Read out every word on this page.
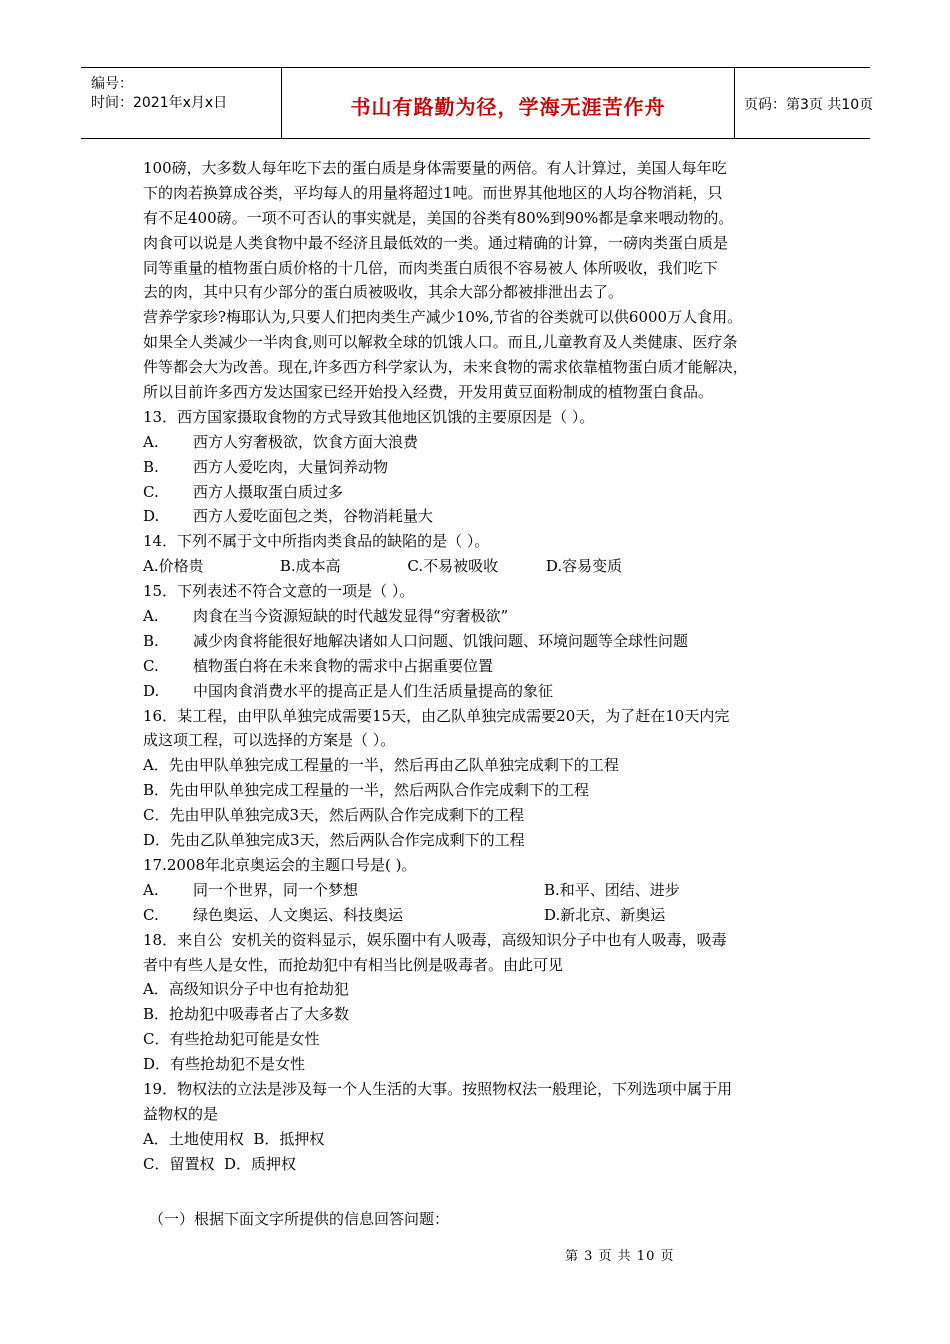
编号：
时间：2021年x月x日	书山有路勤为径，学海无涯苦作舟	页码：第3页 共10页
100磅，大多数人每年吃下去的蛋白质是身体需要量的两倍。有人计算过，美国人每年吃
下的肉若换算成谷类，平均每人的用量将超过1吨。而世界其他地区的人均谷物消耗，只
有不足400磅。一项不可否认的事实就是，美国的谷类有80%到90%都是拿来喂动物的。
肉食可以说是人类食物中最不经济且最低效的一类。通过精确的计算，一磅肉类蛋白质是
同等重量的植物蛋白质价格的十几倍，而肉类蛋白质很不容易被人 体所吸收，我们吃下
去的肉，其中只有少部分的蛋白质被吸收，其余大部分都被排泄出去了。
营养学家珍?梅耶认为,只要人们把肉类生产减少10%,节省的谷类就可以供6000万人食用。
如果全人类减少一半肉食,则可以解救全球的饥饿人口。而且,儿童教育及人类健康、医疗条
件等都会大为改善。现在,许多西方科学家认为，未来食物的需求依靠植物蛋白质才能解决，
所以目前许多西方发达国家已经开始投入经费，开发用黄豆面粉制成的植物蛋白食品。
13．西方国家摄取食物的方式导致其他地区饥饿的主要原因是（ ）。
A. 西方人穷奢极欲，饮食方面大浪费
B. 西方人爱吃肉，大量饲养动物
C. 西方人摄取蛋白质过多
D. 西方人爱吃面包之类，谷物消耗量大
14．下列不属于文中所指肉类食品的缺陷的是（ ）。
A.价格贵                B.成本高              C.不易被吸收          D.容易变质
15．下列表述不符合文意的一项是（ ）。
A. 肉食在当今资源短缺的时代越发显得“穷奢极欲”
B. 减少肉食将能很好地解决诸如人口问题、饥饿问题、环境问题等全球性问题
C. 植物蛋白将在未来食物的需求中占据重要位置
D. 中国肉食消费水平的提高正是人们生活质量提高的象征
16．某工程，由甲队单独完成需要15天，由乙队单独完成需要20天，为了赶在10天内完
成这项工程，可以选择的方案是（ ）。
A．先由甲队单独完成工程量的一半，然后再由乙队单独完成剩下的工程
B．先由甲队单独完成工程量的一半，然后两队合作完成剩下的工程
C．先由甲队单独完成3天，然后两队合作完成剩下的工程
D．先由乙队单独完成3天，然后两队合作完成剩下的工程
17.2008年北京奥运会的主题口号是( )。
A. 同一个世界，同一个梦想	B.和平、团结、进步
C. 绿色奥运、人文奥运、科技奥运	D.新北京、新奥运
18．来自公  安机关的资料显示，娱乐圈中有人吸毒，高级知识分子中也有人吸毒，吸毒
者中有些人是女性，而抢劫犯中有相当比例是吸毒者。由此可见
A．高级知识分子中也有抢劫犯
B．抢劫犯中吸毒者占了大多数
C．有些抢劫犯可能是女性
D．有些抢劫犯不是女性
19．物权法的立法是涉及每一个人生活的大事。按照物权法一般理论，下列选项中属于用
益物权的是
A．土地使用权  B．抵押权
C．留置权  D．质押权
（一）根据下面文字所提供的信息回答问题：
第 3 页 共 10 页
